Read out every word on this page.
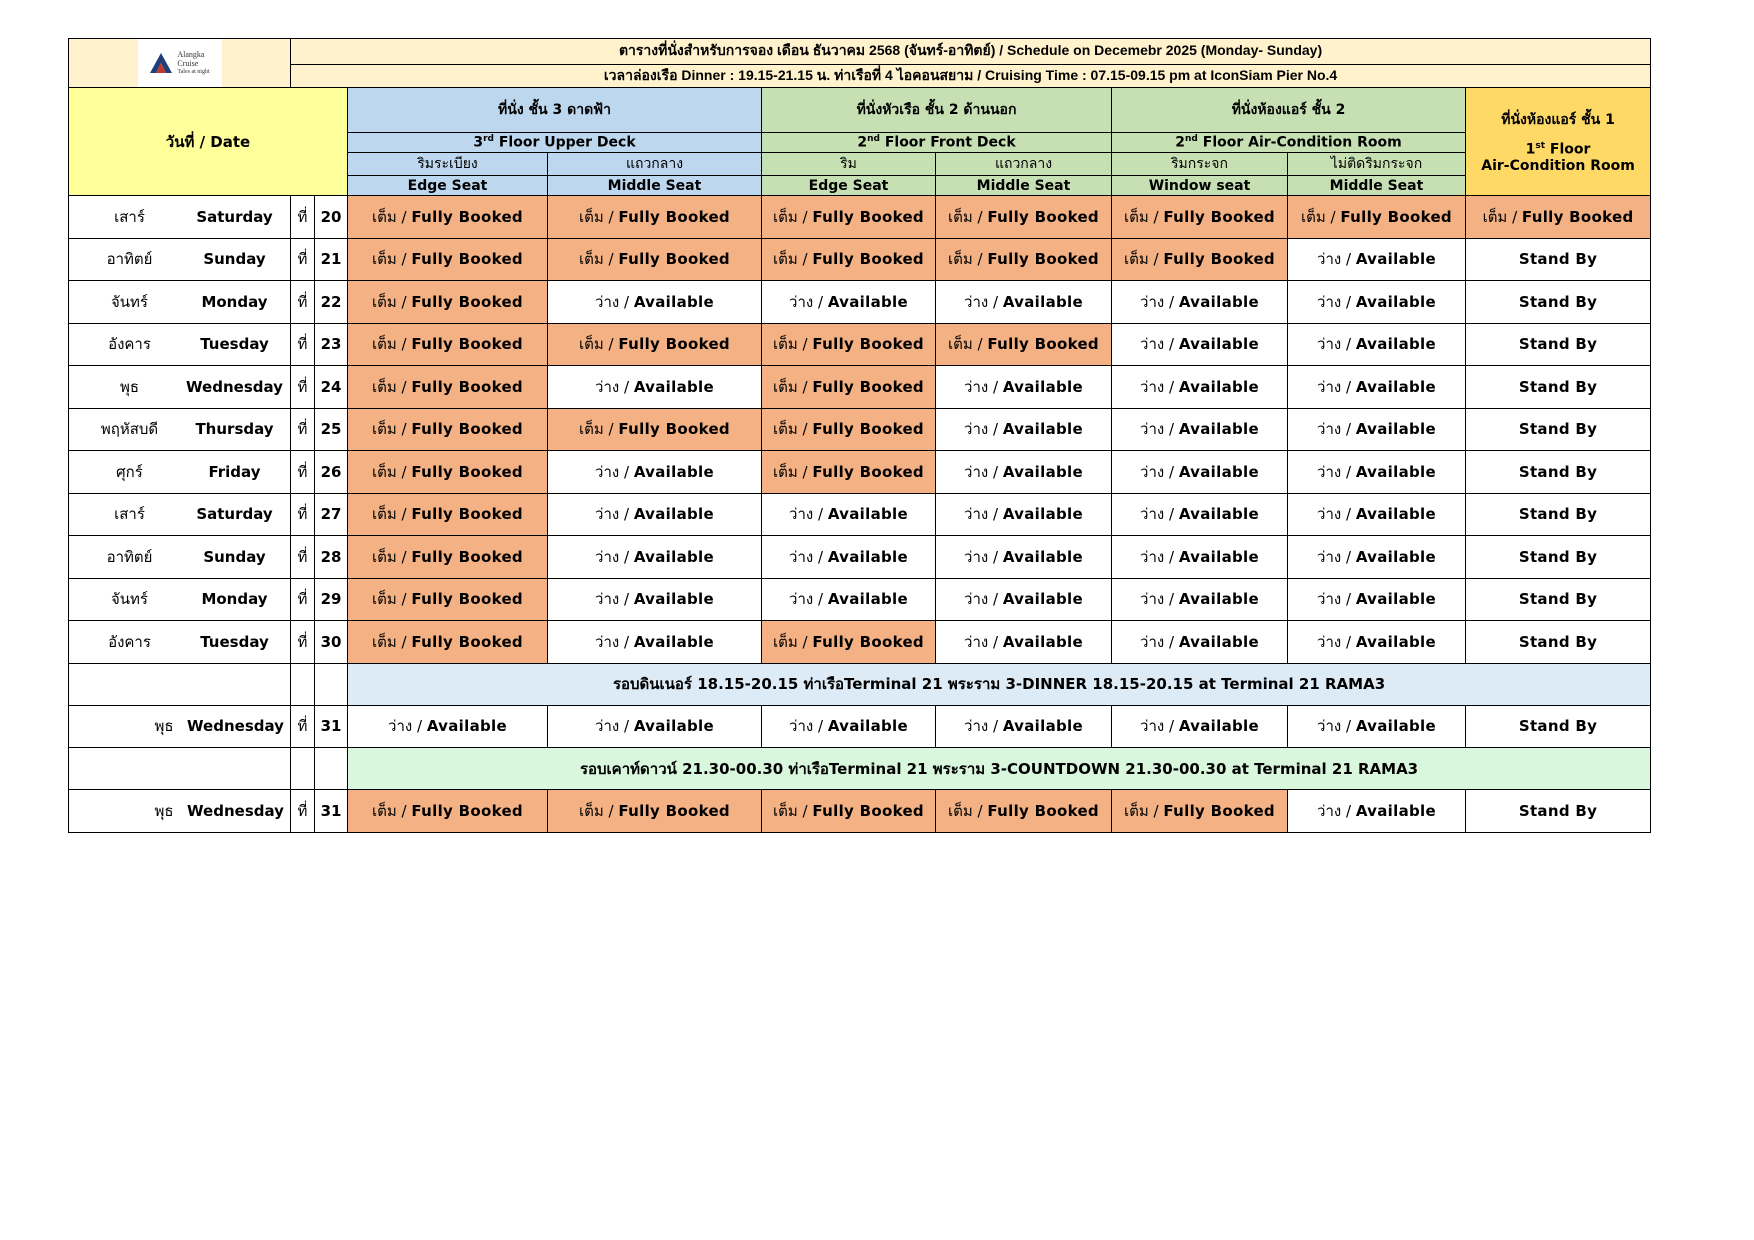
Alangka
Cruise
Tales at night	ตารางที่นั่งสำหรับการจอง เดือน ธันวาคม 2568 (จันทร์-อาทิตย์) / Schedule on Decemebr 2025 (Monday- Sunday)								
	เวลาล่องเรือ Dinner : 19.15-21.15 น. ท่าเรือที่ 4 ไอคอนสยาม / Cruising Time : 07.15-09.15 pm at IconSiam Pier No.4								
วันที่ / Date			ที่นั่ง ชั้น 3 ดาดฟ้า		ที่นั่งหัวเรือ ชั้น 2 ด้านนอก		ที่นั่งห้องแอร์ ชั้น 2		ที่นั่งห้องแอร์ ชั้น 1
1st Floor
Air-Condition Room

			3rd Floor Upper Deck		2nd Floor Front Deck		2nd Floor Air-Condition Room		
			ริมระเบียง	แถวกลาง	ริม	แถวกลาง	ริมกระจก	ไม่ติดริมกระจก	
			Edge Seat	Middle Seat	Edge Seat	Middle Seat	Window seat	Middle Seat	
เสาร์ Saturday	ที่	20	เต็ม / Fully Booked	เต็ม / Fully Booked	เต็ม / Fully Booked	เต็ม / Fully Booked	เต็ม / Fully Booked	เต็ม / Fully Booked	เต็ม / Fully Booked
อาทิตย์ Sunday	ที่	21	เต็ม / Fully Booked	เต็ม / Fully Booked	เต็ม / Fully Booked	เต็ม / Fully Booked	เต็ม / Fully Booked	ว่าง / Available	Stand By
จันทร์ Monday	ที่	22	เต็ม / Fully Booked	ว่าง / Available	ว่าง / Available	ว่าง / Available	ว่าง / Available	ว่าง / Available	Stand By
อังคาร Tuesday	ที่	23	เต็ม / Fully Booked	เต็ม / Fully Booked	เต็ม / Fully Booked	เต็ม / Fully Booked	ว่าง / Available	ว่าง / Available	Stand By
พุธ Wednesday	ที่	24	เต็ม / Fully Booked	ว่าง / Available	เต็ม / Fully Booked	ว่าง / Available	ว่าง / Available	ว่าง / Available	Stand By
พฤหัสบดี Thursday	ที่	25	เต็ม / Fully Booked	เต็ม / Fully Booked	เต็ม / Fully Booked	ว่าง / Available	ว่าง / Available	ว่าง / Available	Stand By
ศุกร์ Friday	ที่	26	เต็ม / Fully Booked	ว่าง / Available	เต็ม / Fully Booked	ว่าง / Available	ว่าง / Available	ว่าง / Available	Stand By
เสาร์ Saturday	ที่	27	เต็ม / Fully Booked	ว่าง / Available	ว่าง / Available	ว่าง / Available	ว่าง / Available	ว่าง / Available	Stand By
อาทิตย์ Sunday	ที่	28	เต็ม / Fully Booked	ว่าง / Available	ว่าง / Available	ว่าง / Available	ว่าง / Available	ว่าง / Available	Stand By
จันทร์ Monday	ที่	29	เต็ม / Fully Booked	ว่าง / Available	ว่าง / Available	ว่าง / Available	ว่าง / Available	ว่าง / Available	Stand By
อังคาร Tuesday	ที่	30	เต็ม / Fully Booked	ว่าง / Available	เต็ม / Fully Booked	ว่าง / Available	ว่าง / Available	ว่าง / Available	Stand By
			รอบดินเนอร์ 18.15-20.15 ท่าเรือTerminal 21 พระราม 3-DINNER 18.15-20.15 at Terminal 21 RAMA3						
พุธ Wednesday	ที่	31	ว่าง / Available	ว่าง / Available	ว่าง / Available	ว่าง / Available	ว่าง / Available	ว่าง / Available	Stand By
			รอบเคาท์ดาวน์ 21.30-00.30 ท่าเรือTerminal 21 พระราม 3-COUNTDOWN 21.30-00.30 at Terminal 21 RAMA3						
พุธ Wednesday	ที่	31	เต็ม / Fully Booked	เต็ม / Fully Booked	เต็ม / Fully Booked	เต็ม / Fully Booked	เต็ม / Fully Booked	ว่าง / Available	Stand By
